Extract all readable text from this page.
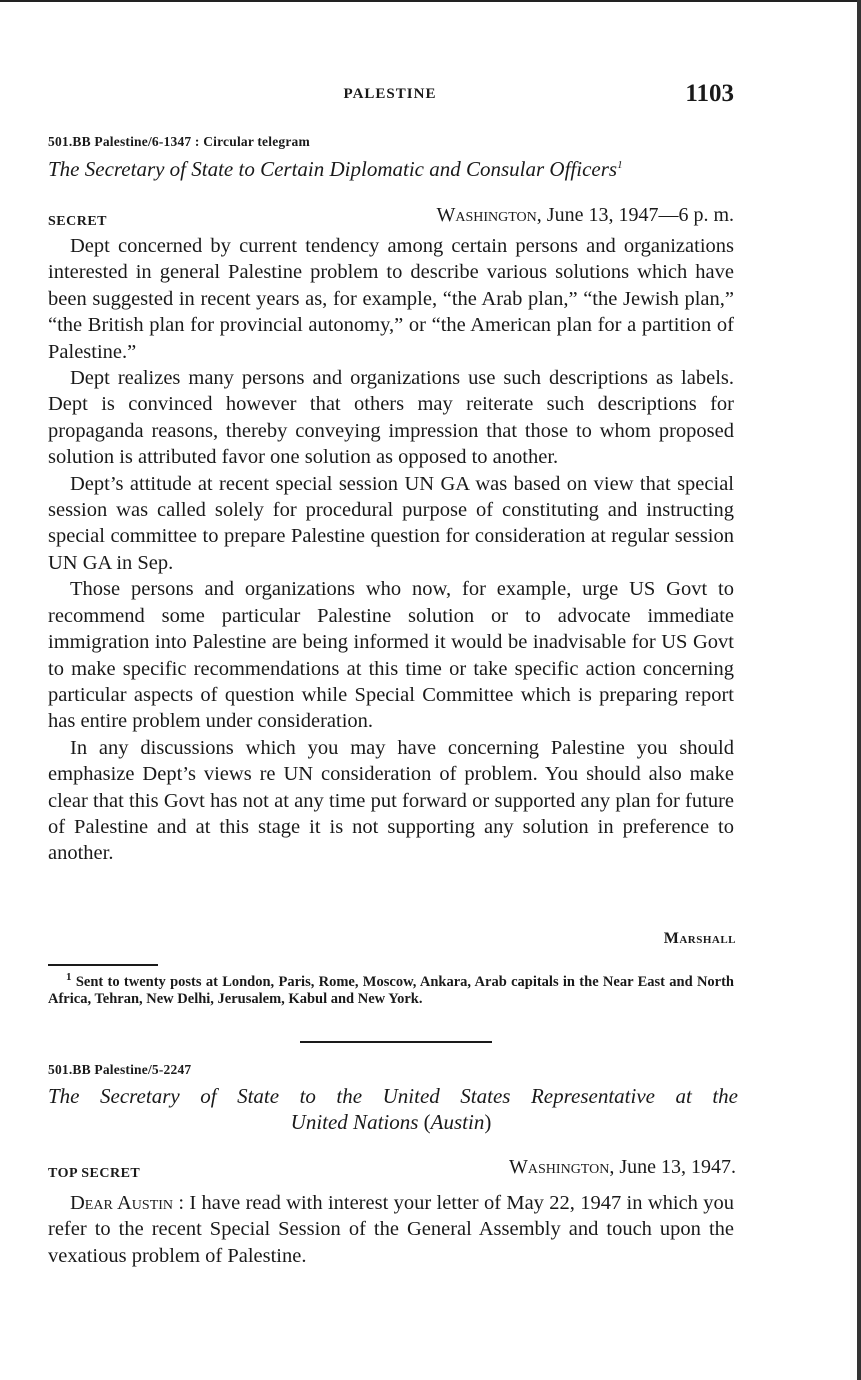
PALESTINE	1103
501.BB Palestine/6-1347 : Circular telegram
The Secretary of State to Certain Diplomatic and Consular Officers$^1$
SECRET	Washington, June 13, 1947—6 p. m.

Dept concerned by current tendency among certain persons and organizations interested in general Palestine problem to describe various solutions which have been suggested in recent years as, for example, “the Arab plan,” “the Jewish plan,” “the British plan for provincial autonomy,” or “the American plan for a partition of Palestine.”

Dept realizes many persons and organizations use such descriptions as labels. Dept is convinced however that others may reiterate such descriptions for propaganda reasons, thereby conveying impression that those to whom proposed solution is attributed favor one solution as opposed to another.

Dept’s attitude at recent special session UN GA was based on view that special session was called solely for procedural purpose of constituting and instructing special committee to prepare Palestine question for consideration at regular session UN GA in Sep.

Those persons and organizations who now, for example, urge US Govt to recommend some particular Palestine solution or to advocate immediate immigration into Palestine are being informed it would be inadvisable for US Govt to make specific recommendations at this time or take specific action concerning particular aspects of question while Special Committee which is preparing report has entire problem under consideration.

In any discussions which you may have concerning Palestine you should emphasize Dept’s views re UN consideration of problem. You should also make clear that this Govt has not at any time put forward or supported any plan for future of Palestine and at this stage it is not supporting any solution in preference to another.

Marshall
$^1$ Sent to twenty posts at London, Paris, Rome, Moscow, Ankara, Arab capitals in the Near East and North Africa, Tehran, New Delhi, Jerusalem, Kabul and New York.
501.BB Palestine/5-2247
The Secretary of State to the United States Representative at the
United Nations (Austin)
TOP SECRET	Washington, June 13, 1947.

Dear Austin : I have read with interest your letter of May 22, 1947 in which you refer to the recent Special Session of the General Assembly and touch upon the vexatious problem of Palestine.
